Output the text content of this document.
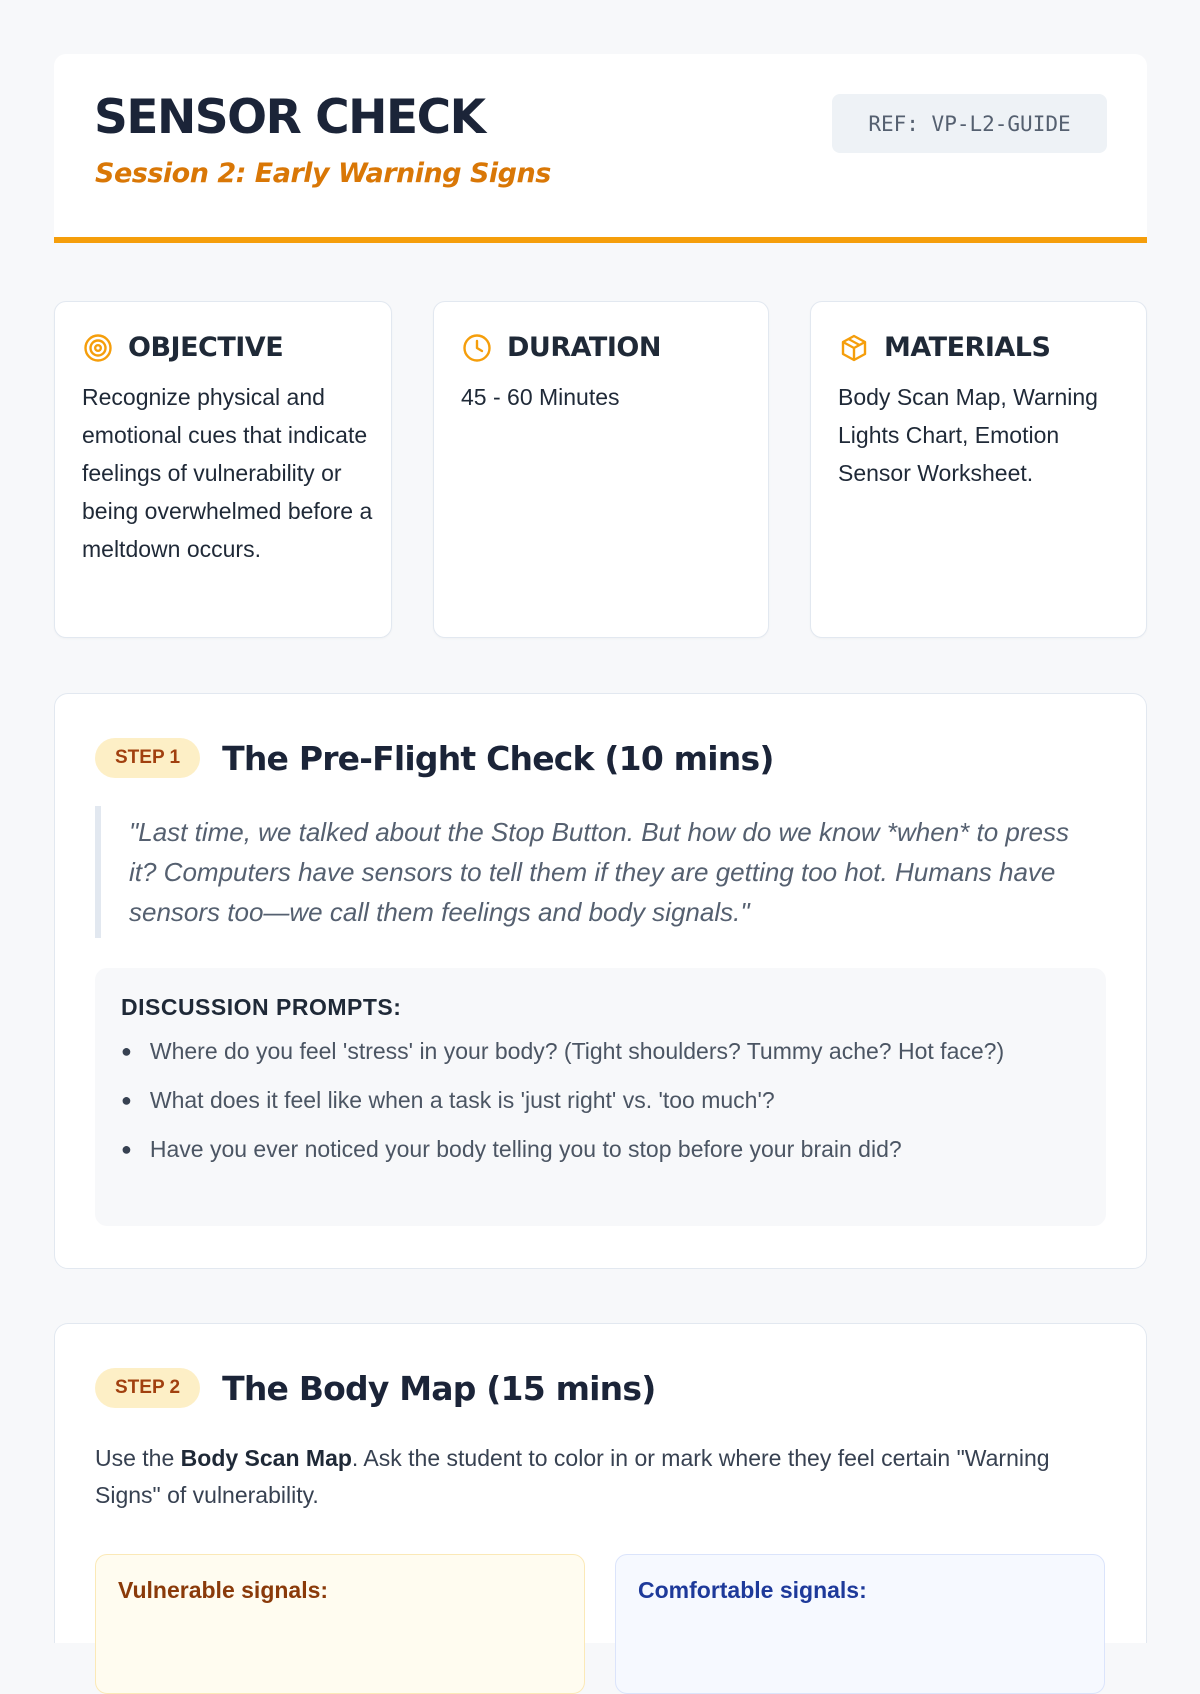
SENSOR CHECK
Session 2: Early Warning Signs
REF: VP-L2-GUIDE
OBJECTIVE
Recognize physical and emotional cues that indicate feelings of vulnerability or being overwhelmed before a meltdown occurs.
DURATION
45 - 60 Minutes
MATERIALS
Body Scan Map, Warning Lights Chart, Emotion Sensor Worksheet.
STEP 1	The Pre-Flight Check (10 mins)
"Last time, we talked about the Stop Button. But how do we know *when* to press it? Computers have sensors to tell them if they are getting too hot. Humans have sensors too—we call them feelings and body signals."
DISCUSSION PROMPTS:
● Where do you feel 'stress' in your body? (Tight shoulders? Tummy ache? Hot face?)
● What does it feel like when a task is 'just right' vs. 'too much'?
● Have you ever noticed your body telling you to stop before your brain did?
STEP 2	The Body Map (15 mins)
Use the Body Scan Map. Ask the student to color in or mark where they feel certain "Warning Signs" of vulnerability.
Vulnerable signals:	Comfortable signals:
